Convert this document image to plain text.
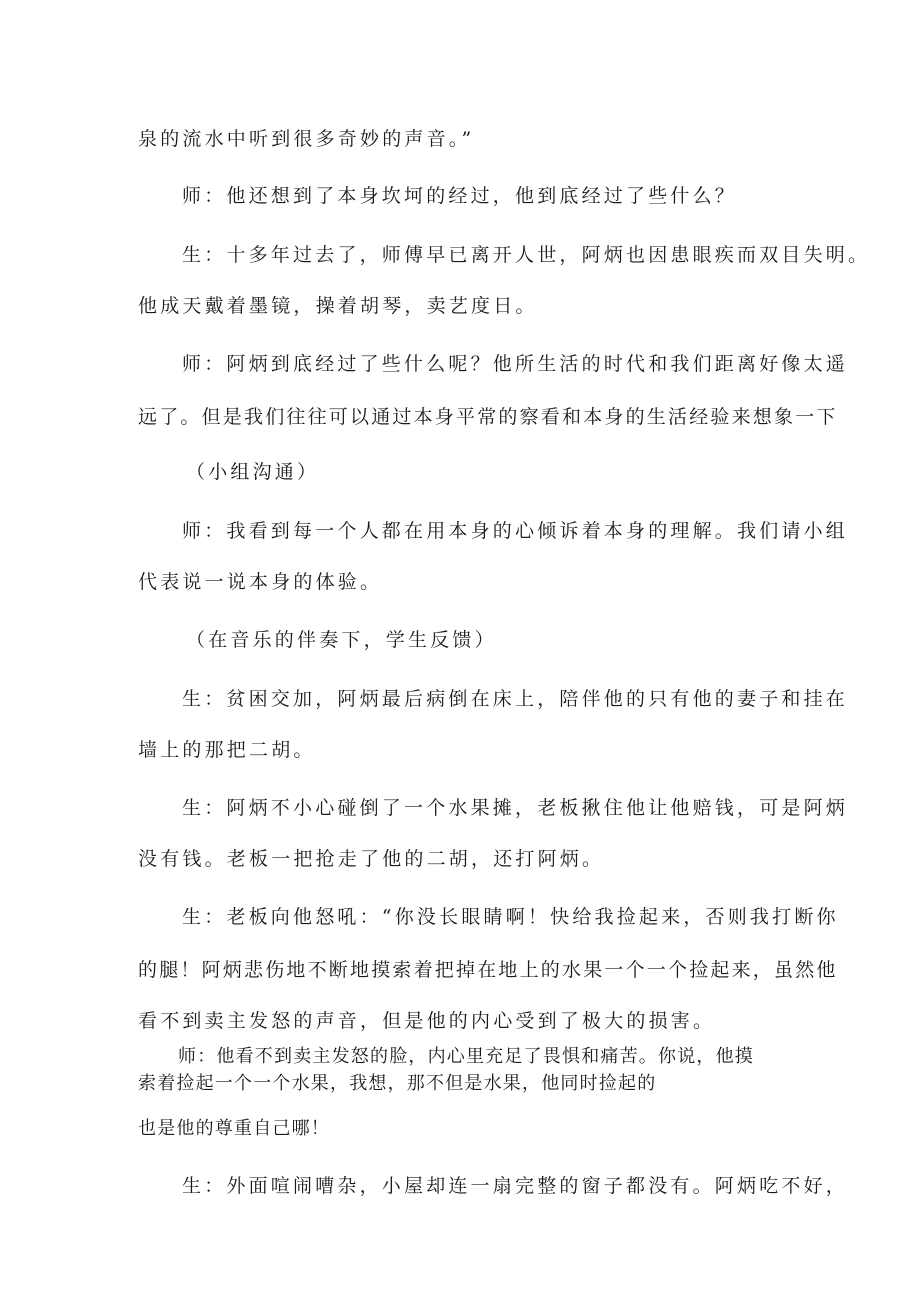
泉的流水中听到很多奇妙的声音。”
师：他还想到了本身坎坷的经过，他到底经过了些什么？
生：十多年过去了，师傅早已离开人世，阿炳也因患眼疾而双目失明。
他成天戴着墨镜，操着胡琴，卖艺度日。
师：阿炳到底经过了些什么呢？他所生活的时代和我们距离好像太遥
远了。但是我们往往可以通过本身平常的察看和本身的生活经验来想象一下
（小组沟通）
师：我看到每一个人都在用本身的心倾诉着本身的理解。我们请小组
代表说一说本身的体验。
（在音乐的伴奏下，学生反馈）
生：贫困交加，阿炳最后病倒在床上，陪伴他的只有他的妻子和挂在
墙上的那把二胡。
生：阿炳不小心碰倒了一个水果摊，老板揪住他让他赔钱，可是阿炳
没有钱。老板一把抢走了他的二胡，还打阿炳。
生：老板向他怒吼：“你没长眼睛啊！快给我捡起来，否则我打断你
的腿！阿炳悲伤地不断地摸索着把掉在地上的水果一个一个捡起来，虽然他
看不到卖主发怒的声音，但是他的内心受到了极大的损害。
师：他看不到卖主发怒的脸，内心里充足了畏惧和痛苦。你说，他摸
索着捡起一个一个水果，我想，那不但是水果，他同时捡起的
也是他的尊重自己哪！
生：外面喧闹嘈杂，小屋却连一扇完整的窗子都没有。阿炳吃不好，
